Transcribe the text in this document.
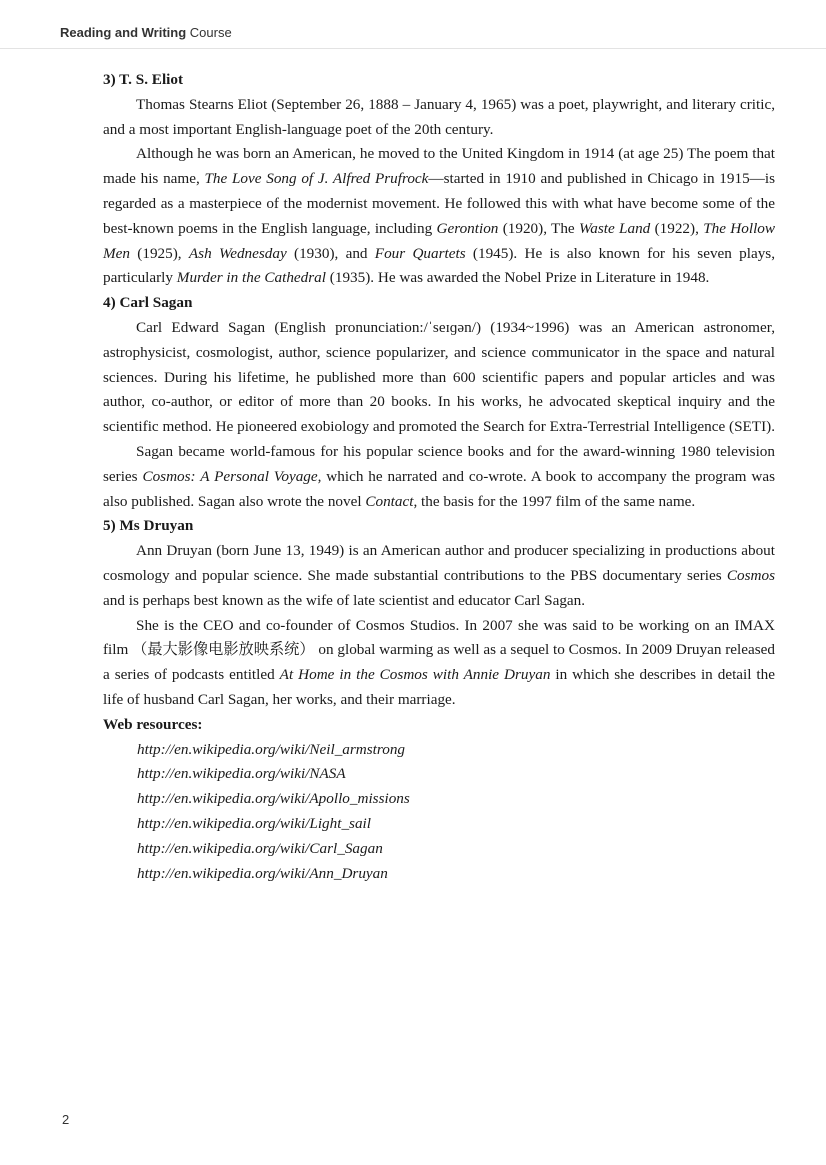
Reading and Writing Course

3) T. S. Eliot

Thomas Stearns Eliot (September 26, 1888 – January 4, 1965) was a poet, playwright, and literary critic, and a most important English-language poet of the 20th century.

Although he was born an American, he moved to the United Kingdom in 1914 (at age 25) The poem that made his name, The Love Song of J. Alfred Prufrock—started in 1910 and published in Chicago in 1915—is regarded as a masterpiece of the modernist movement. He followed this with what have become some of the best-known poems in the English language, including Gerontion (1920), The Waste Land (1922), The Hollow Men (1925), Ash Wednesday (1930), and Four Quartets (1945). He is also known for his seven plays, particularly Murder in the Cathedral (1935). He was awarded the Nobel Prize in Literature in 1948.

4) Carl Sagan

Carl Edward Sagan (English pronunciation:/ˈseɪɡən/) (1934~1996) was an American astronomer, astrophysicist, cosmologist, author, science popularizer, and science communicator in the space and natural sciences. During his lifetime, he published more than 600 scientific papers and popular articles and was author, co-author, or editor of more than 20 books. In his works, he advocated skeptical inquiry and the scientific method. He pioneered exobiology and promoted the Search for Extra-Terrestrial Intelligence (SETI).

Sagan became world-famous for his popular science books and for the award-winning 1980 television series Cosmos: A Personal Voyage, which he narrated and co-wrote. A book to accompany the program was also published. Sagan also wrote the novel Contact, the basis for the 1997 film of the same name.

5) Ms Druyan

Ann Druyan (born June 13, 1949) is an American author and producer specializing in productions about cosmology and popular science. She made substantial contributions to the PBS documentary series Cosmos and is perhaps best known as the wife of late scientist and educator Carl Sagan.

She is the CEO and co-founder of Cosmos Studios. In 2007 she was said to be working on an IMAX film （最大影像电影放映系统） on global warming as well as a sequel to Cosmos. In 2009 Druyan released a series of podcasts entitled At Home in the Cosmos with Annie Druyan in which she describes in detail the life of husband Carl Sagan, her works, and their marriage.

Web resources:

http://en.wikipedia.org/wiki/Neil_armstrong
http://en.wikipedia.org/wiki/NASA
http://en.wikipedia.org/wiki/Apollo_missions
http://en.wikipedia.org/wiki/Light_sail
http://en.wikipedia.org/wiki/Carl_Sagan
http://en.wikipedia.org/wiki/Ann_Druyan
2
